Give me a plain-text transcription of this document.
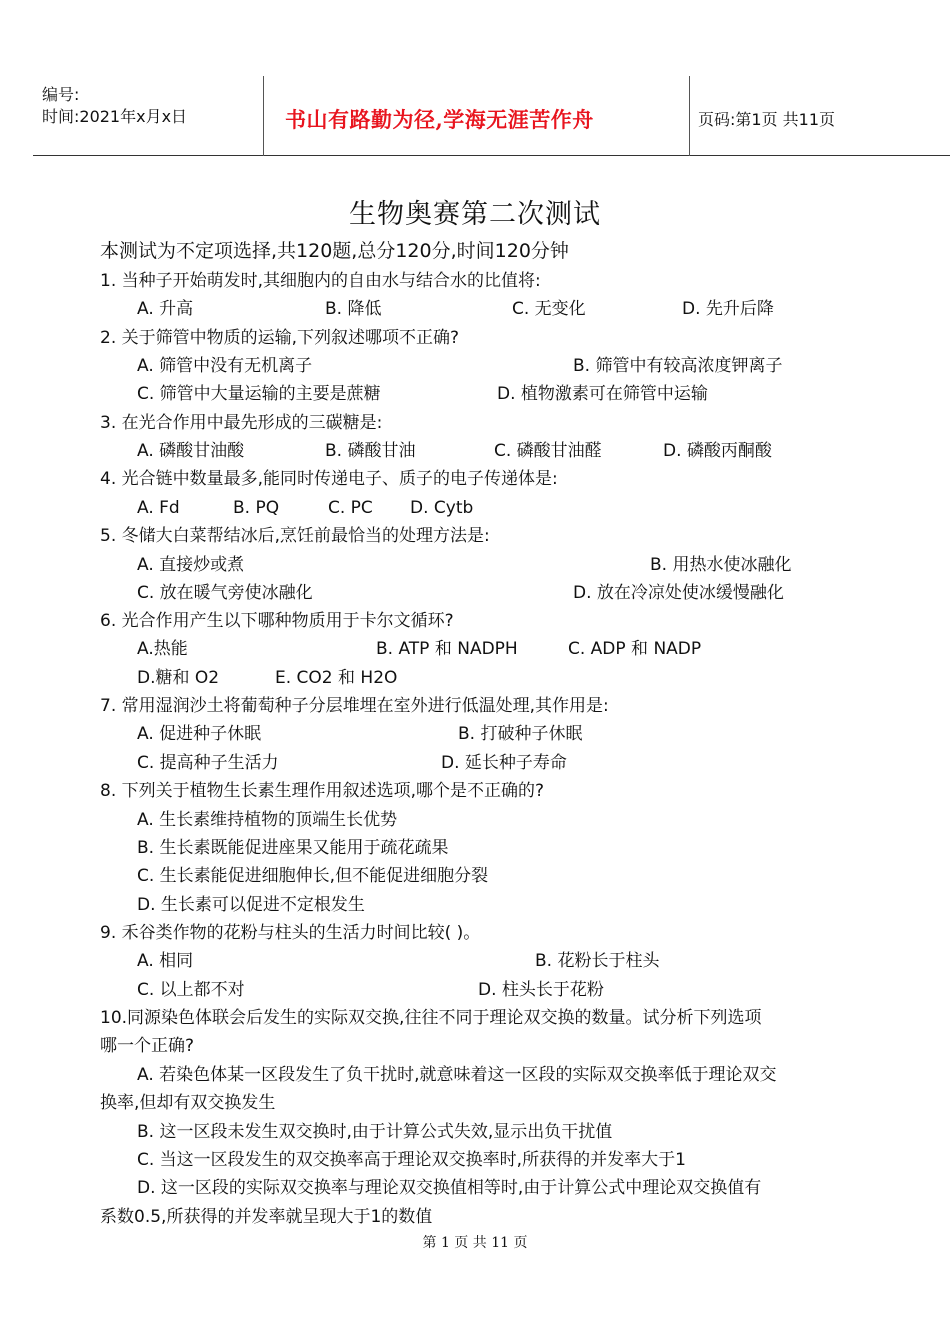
编号:
时间:2021年x月x日	书山有路勤为径,学海无涯苦作舟	页码:第1页 共11页
生物奥赛第二次测试
本测试为不定项选择,共120题,总分120分,时间120分钟
1. 当种子开始萌发时,其细胞内的自由水与结合水的比值将:
A. 升高	B. 降低	C. 无变化	D. 先升后降
2. 关于筛管中物质的运输,下列叙述哪项不正确?
A. 筛管中没有无机离子	B. 筛管中有较高浓度钾离子
C. 筛管中大量运输的主要是蔗糖	D. 植物激素可在筛管中运输
3. 在光合作用中最先形成的三碳糖是:
A. 磷酸甘油酸	B. 磷酸甘油	C. 磷酸甘油醛	D. 磷酸丙酮酸
4. 光合链中数量最多,能同时传递电子、质子的电子传递体是:
A. Fd	B. PQ	C. PC D. Cytb
5. 冬储大白菜帮结冰后,烹饪前最恰当的处理方法是:
A. 直接炒或煮	B. 用热水使冰融化
C. 放在暖气旁使冰融化	D. 放在冷凉处使冰缓慢融化
6. 光合作用产生以下哪种物质用于卡尔文循环?
A.热能	B. ATP 和 NADPH	C. ADP 和 NADP
D.糖和 O2	E. CO2 和 H2O
7. 常用湿润沙土将葡萄种子分层堆埋在室外进行低温处理,其作用是:
A. 促进种子休眠	B. 打破种子休眠
C. 提高种子生活力	D. 延长种子寿命
8. 下列关于植物生长素生理作用叙述选项,哪个是不正确的?
A. 生长素维持植物的顶端生长优势
B. 生长素既能促进座果又能用于疏花疏果
C. 生长素能促进细胞伸长,但不能促进细胞分裂
D. 生长素可以促进不定根发生
9. 禾谷类作物的花粉与柱头的生活力时间比较( )。
A. 相同	B. 花粉长于柱头
C. 以上都不对	D. 柱头长于花粉
10.同源染色体联会后发生的实际双交换,往往不同于理论双交换的数量。试分析下列选项
哪一个正确?
A. 若染色体某一区段发生了负干扰时,就意味着这一区段的实际双交换率低于理论双交
换率,但却有双交换发生
B. 这一区段未发生双交换时,由于计算公式失效,显示出负干扰值
C. 当这一区段发生的双交换率高于理论双交换率时,所获得的并发率大于1
D. 这一区段的实际双交换率与理论双交换值相等时,由于计算公式中理论双交换值有
系数0.5,所获得的并发率就呈现大于1的数值
第 1 页 共 11 页
